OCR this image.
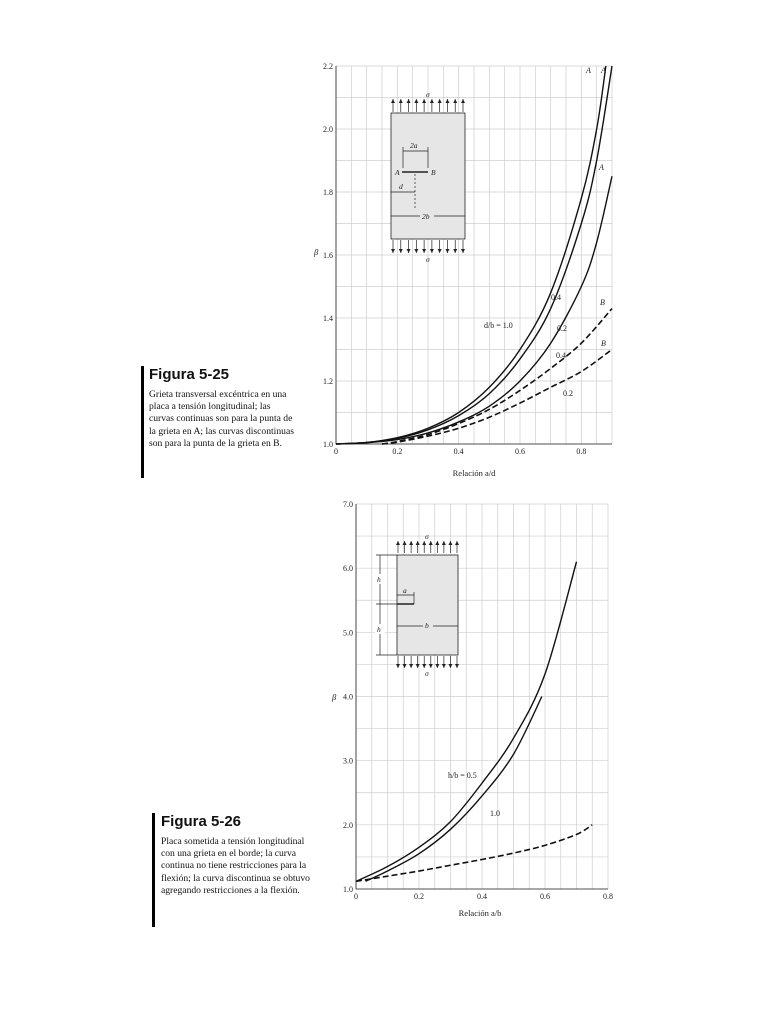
Figura 5-25
Grieta transversal excéntrica en una placa a tensión longitudinal; las curvas continuas son para la punta de la grieta en A; las curvas discontinuas son para la punta de la grieta en B.
Figura 5-26
Placa sometida a tensión longitudinal con una grieta en el borde; la curva continua no tiene restricciones para la flexión; la curva discontinua se obtuvo agregando restricciones a la flexión.
0	0.2	0.4	0.6	0.8
1.0
1.2
1.4
1.6
1.8
2.0
2.2
β
Relación a/d
A
d/b = 1.0
A
0.4
A
0.2
B
0.4
B
0.2
0	0.2	0.4	0.6	0.8
1.0
2.0
3.0
4.0
5.0
6.0
7.0
β
Relación a/b
h/b = 0.5
1.0
σ
σ
2a
A	B
d
2b
σ
σ
h
h
a
b
